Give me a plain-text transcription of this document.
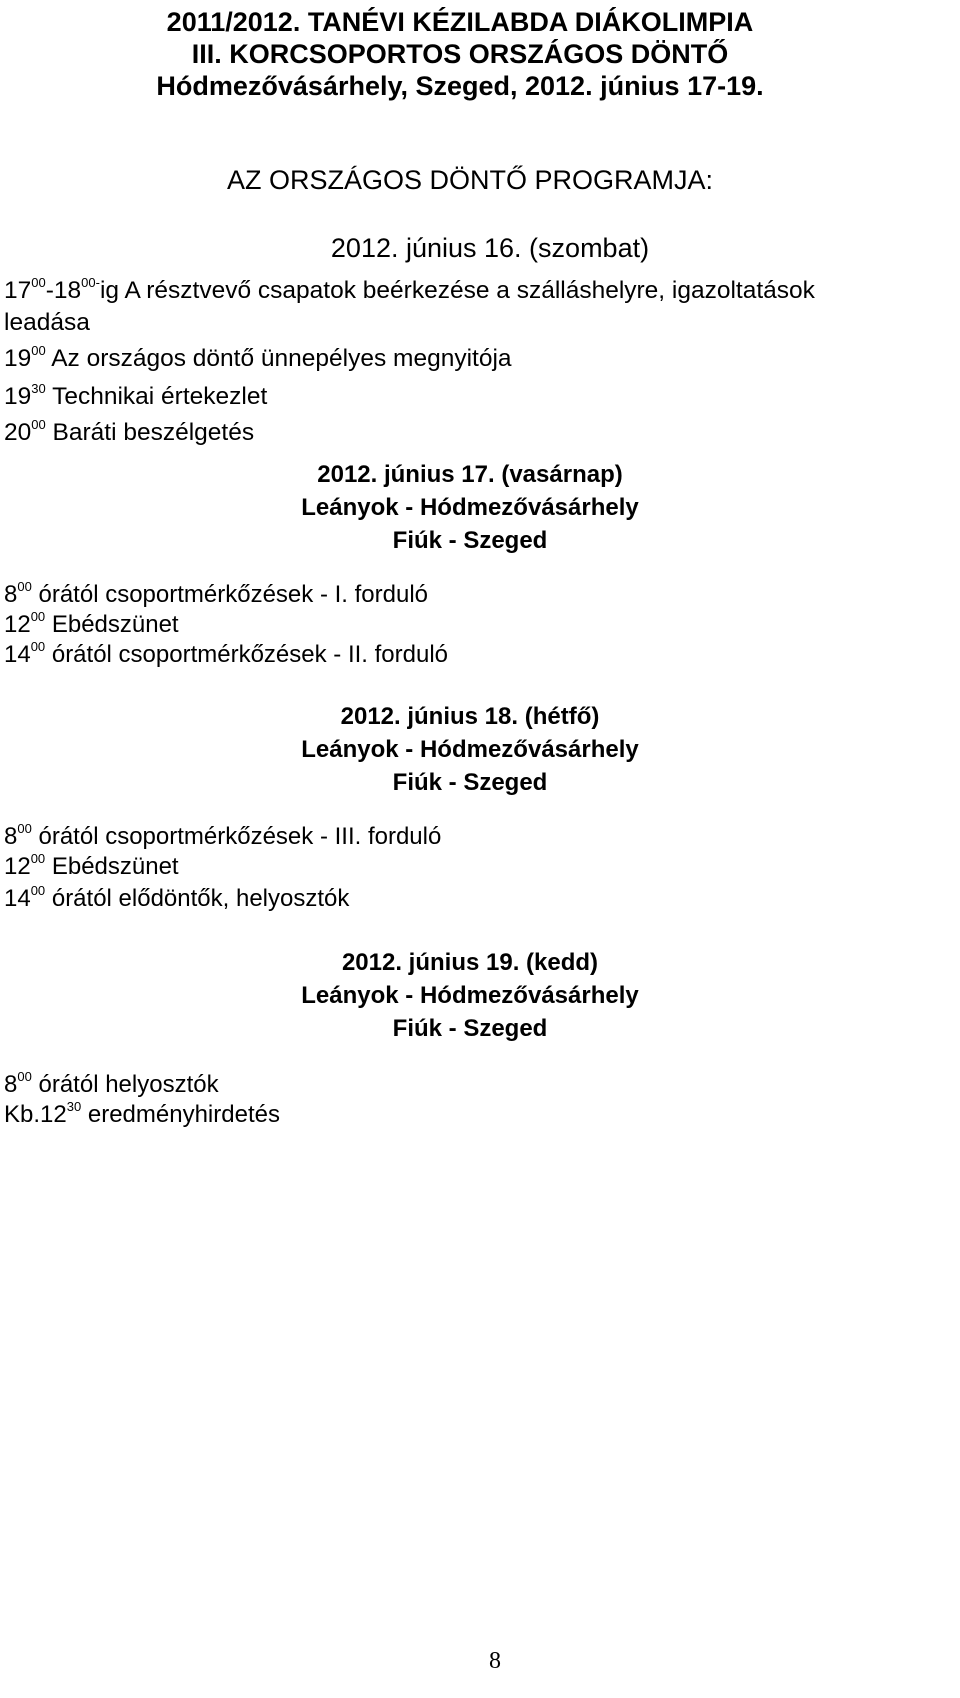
2011/2012. TANÉVI KÉZILABDA DIÁKOLIMPIA
III. KORCSOPORTOS ORSZÁGOS DÖNTŐ
Hódmezővásárhely, Szeged, 2012. június 17-19.
AZ ORSZÁGOS DÖNTŐ PROGRAMJA:
2012. június 16. (szombat)
$17^{00}-18^{00-}ig$ A résztvevő csapatok beérkezése a szálláshelyre, igazoltatások
leadása
$19^{00}$ Az országos döntő ünnepélyes megnyitója
$19^{30}$ Technikai értekezlet
$20^{00}$ Baráti beszélgetés
2012. június 17. (vasárnap)
Leányok - Hódmezővásárhely
Fiúk - Szeged
$8^{00}$ órától csoportmérkőzések - I. forduló
$12^{00}$ Ebédszünet
$14^{00}$ órától csoportmérkőzések - II. forduló
2012. június 18. (hétfő)
Leányok - Hódmezővásárhely
Fiúk - Szeged
$8^{00}$ órától csoportmérkőzések - III. forduló
$12^{00}$ Ebédszünet
$14^{00}$ órától elődöntők, helyosztók
2012. június 19. (kedd)
Leányok - Hódmezővásárhely
Fiúk - Szeged
$8^{00}$ órától helyosztók
$Kb.12^{30}$ eredményhirdetés
8
